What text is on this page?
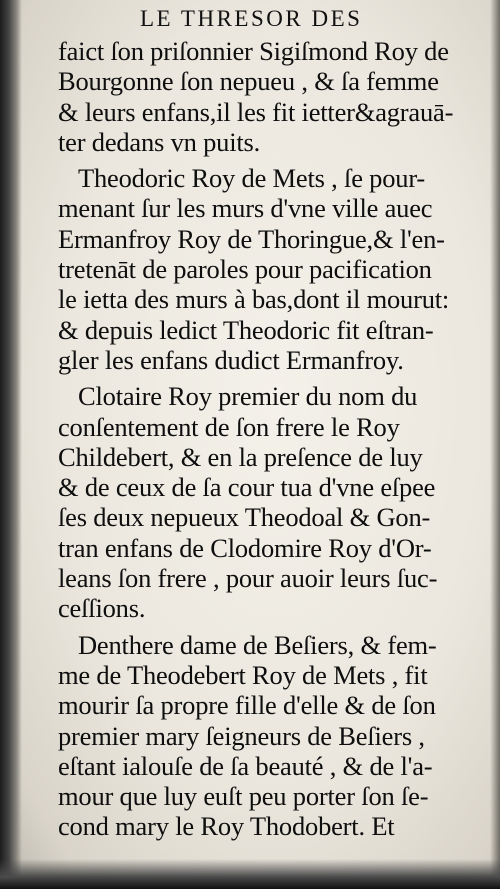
LE THRESOR DES
faict ſon priſonnier Sigiſmond Roy de
Bourgonne ſon nepueu , & ſa femme
& leurs enfans,il les fit ietter&agrauā-
ter dedans vn puits.
Theodoric Roy de Mets , ſe pour-
menant ſur les murs d'vne ville auec
Ermanfroy Roy de Thoringue,& l'en-
tretenāt de paroles pour pacification
le ietta des murs à bas,dont il mourut:
& depuis ledict Theodoric fit eſtran-
gler les enfans dudict Ermanfroy.
Clotaire Roy premier du nom du
conſentement de ſon frere le Roy
Childebert, & en la preſence de luy
& de ceux de ſa cour tua d'vne eſpee
ſes deux nepueux Theodoal & Gon-
tran enfans de Clodomire Roy d'Or-
leans ſon frere , pour auoir leurs ſuc-
ceſſions.
Denthere dame de Beſiers, & fem-
me de Theodebert Roy de Mets , fit
mourir ſa propre fille d'elle & de ſon
premier mary ſeigneurs de Beſiers ,
eſtant ialouſe de ſa beauté , & de l'a-
mour que luy euſt peu porter ſon ſe-
cond mary le Roy Thodobert. Et
